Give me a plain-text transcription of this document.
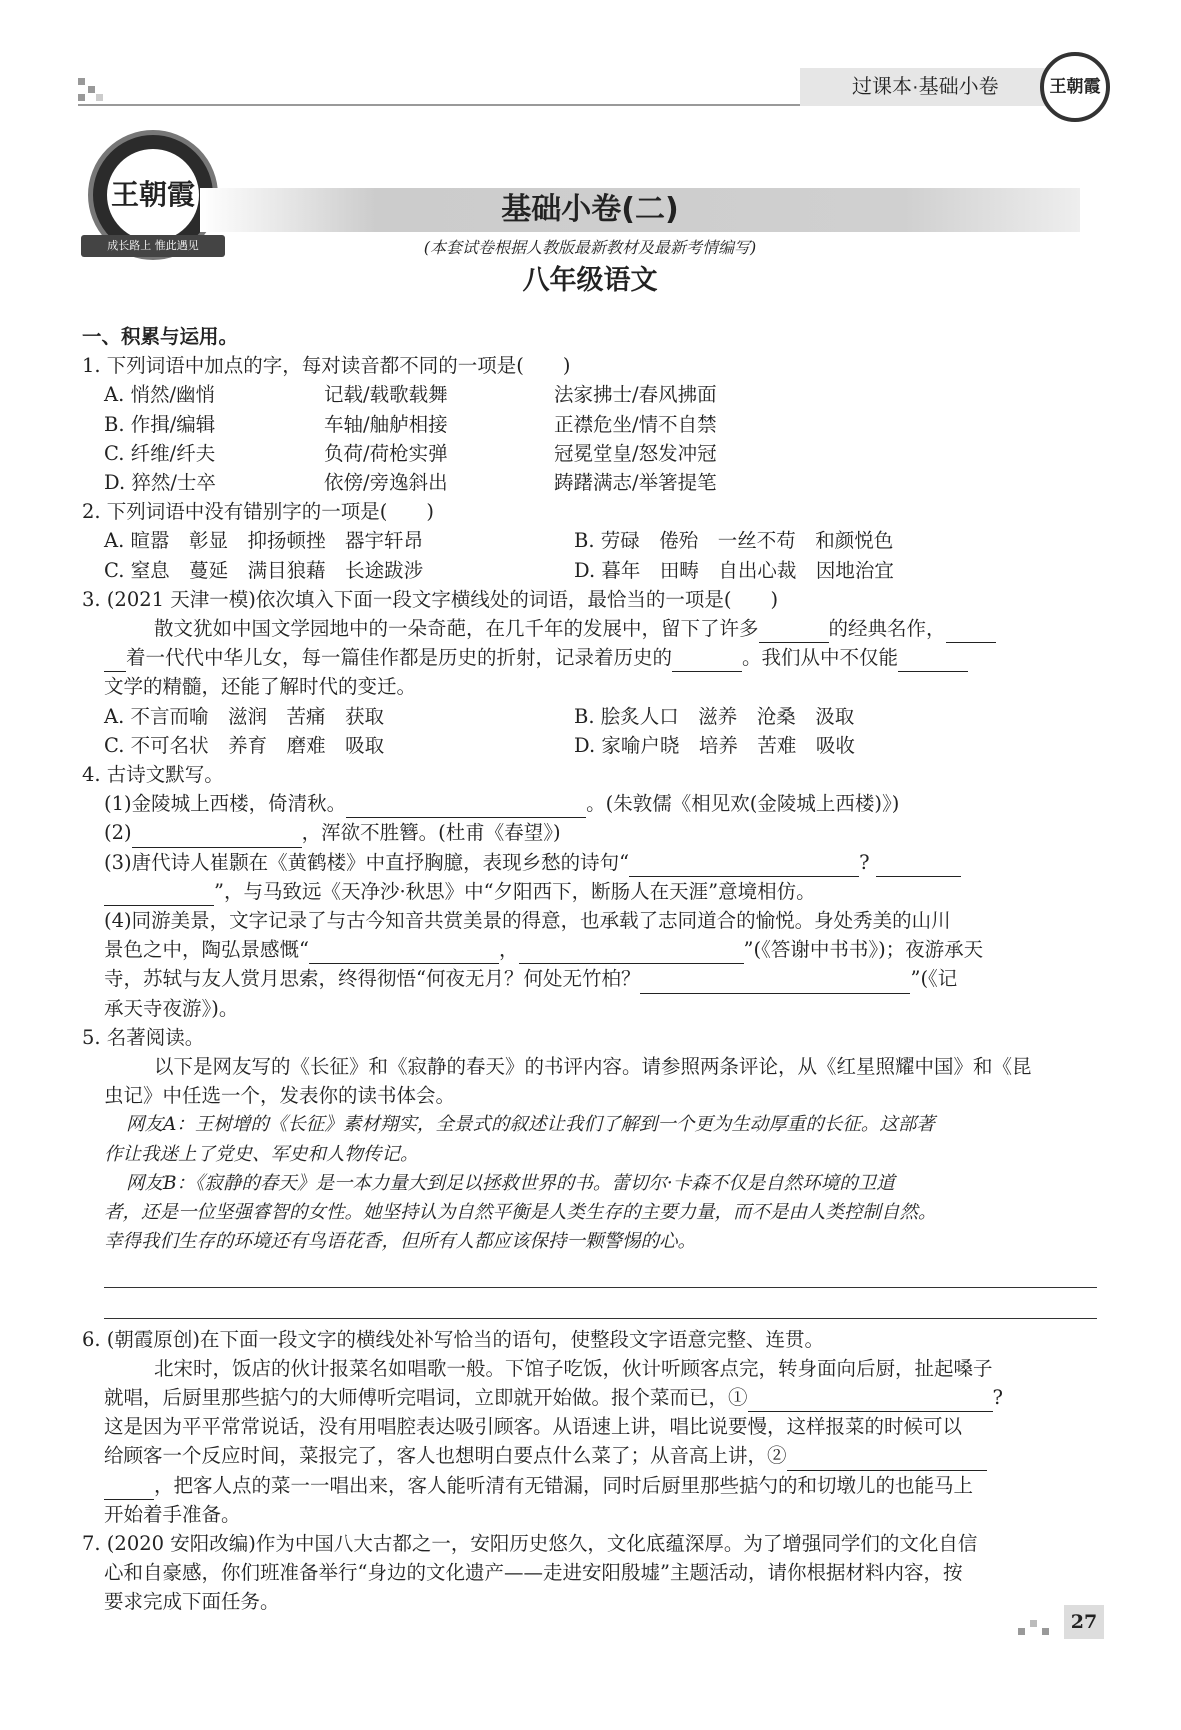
过课本·基础小卷	王朝霞
王朝霞
成长路上 惟此遇见
基础小卷(二)
(本套试卷根据人教版最新教材及最新考情编写)
八年级语文

一、积累与运用。

1. 下列词语中加点的字，每对读音都不同的一项是(　　)

A. 悄然/幽悄	记载/载歌载舞	法家拂士/春风拂面
B. 作揖/编辑	车轴/舳舻相接	正襟危坐/情不自禁
C. 纤维/纤夫	负荷/荷枪实弹	冠冕堂皇/怒发冲冠
D. 猝然/士卒	依傍/旁逸斜出	踌躇满志/举箸提笔

2. 下列词语中没有错别字的一项是(　　)

A. 暄嚣　彰显　抑扬顿挫　器宇轩昂	B. 劳碌　倦殆　一丝不苟　和颜悦色
C. 窒息　蔓延　满目狼藉　长途跋涉	D. 暮年　田畴　自出心裁　因地治宜

3. (2021 天津一模)依次填入下面一段文字横线处的词语，最恰当的一项是(　　)

散文犹如中国文学园地中的一朵奇葩，在几千年的发展中，留下了许多	的经典名作，

着一代代中华儿女，每一篇佳作都是历史的折射，记录着历史的	。我们从中不仅能

文学的精髓，还能了解时代的变迁。

A. 不言而喻　滋润　苦痛　获取	B. 脍炙人口　滋养　沧桑　汲取
C. 不可名状　养育　磨难　吸取	D. 家喻户晓　培养　苦难　吸收

4. 古诗文默写。

(1)金陵城上西楼，倚清秋。	。(朱敦儒《相见欢(金陵城上西楼)》)

(2)	，浑欲不胜簪。(杜甫《春望》)

(3)唐代诗人崔颢在《黄鹤楼》中直抒胸臆，表现乡愁的诗句“	?

”，与马致远《天净沙·秋思》中“夕阳西下，断肠人在天涯”意境相仿。

(4)同游美景，文字记录了与古今知音共赏美景的得意，也承载了志同道合的愉悦。身处秀美的山川

景色之中，陶弘景感慨“	，	”(《答谢中书书》)；夜游承天

寺，苏轼与友人赏月思索，终得彻悟“何夜无月？何处无竹柏？	”(《记

承天寺夜游》)。

5. 名著阅读。

以下是网友写的《长征》和《寂静的春天》的书评内容。请参照两条评论，从《红星照耀中国》和《昆

虫记》中任选一个，发表你的读书体会。

网友A：王树增的《长征》素材翔实，全景式的叙述让我们了解到一个更为生动厚重的长征。这部著

作让我迷上了党史、军史和人物传记。

网友B：《寂静的春天》是一本力量大到足以拯救世界的书。蕾切尔·卡森不仅是自然环境的卫道

者，还是一位坚强睿智的女性。她坚持认为自然平衡是人类生存的主要力量，而不是由人类控制自然。

幸得我们生存的环境还有鸟语花香，但所有人都应该保持一颗警惕的心。

6. (朝霞原创)在下面一段文字的横线处补写恰当的语句，使整段文字语意完整、连贯。

北宋时，饭店的伙计报菜名如唱歌一般。下馆子吃饭，伙计听顾客点完，转身面向后厨，扯起嗓子

就唱，后厨里那些掂勺的大师傅听完唱词，立即就开始做。报个菜而已，①	?

这是因为平平常常说话，没有用唱腔表达吸引顾客。从语速上讲，唱比说要慢，这样报菜的时候可以

给顾客一个反应时间，菜报完了，客人也想明白要点什么菜了；从音高上讲，②

，把客人点的菜一一唱出来，客人能听清有无错漏，同时后厨里那些掂勺的和切墩儿的也能马上

开始着手准备。

7. (2020 安阳改编)作为中国八大古都之一，安阳历史悠久，文化底蕴深厚。为了增强同学们的文化自信

心和自豪感，你们班准备举行“身边的文化遗产——走进安阳殷墟”主题活动，请你根据材料内容，按

要求完成下面任务。

27
